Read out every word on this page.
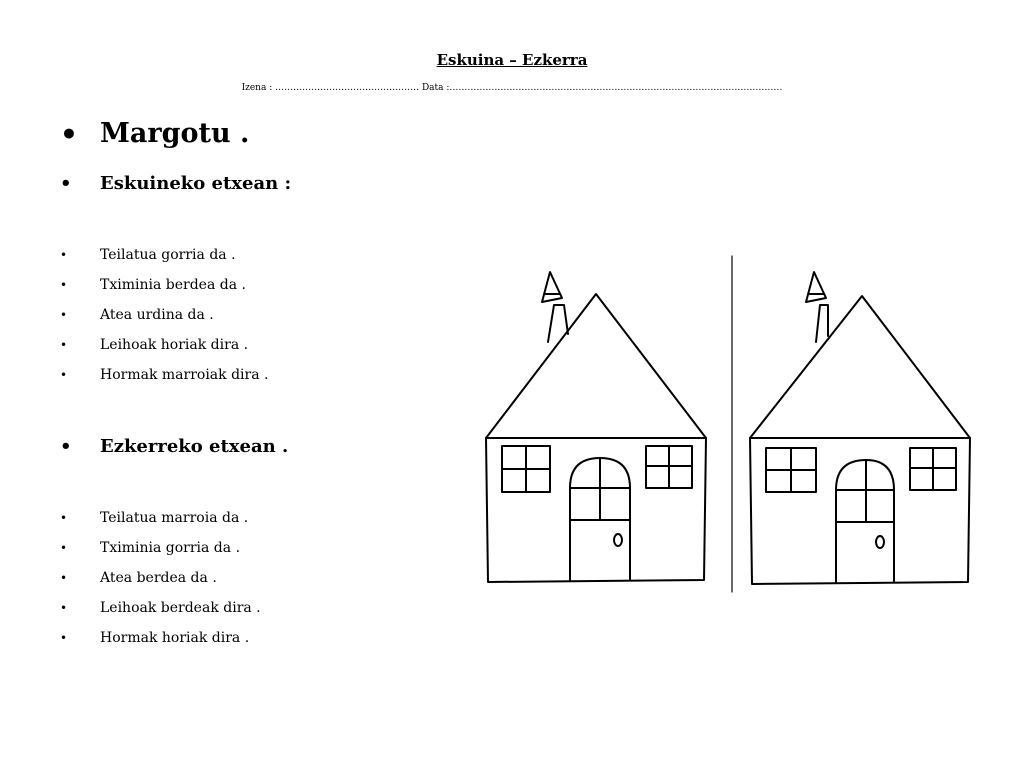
Eskuina – Ezkerra
Izena : ………………………………………… Data :…………………………………………………………………………………………………
• Margotu .
• Eskuineko etxean :
• Teilatua gorria da .
• Tximinia berdea da .
• Atea urdina da .
• Leihoak horiak dira .
• Hormak marroiak dira .
• Ezkerreko etxean .
• Teilatua marroia da .
• Tximinia gorria da .
• Atea berdea da .
• Leihoak berdeak dira .
• Hormak horiak dira .
